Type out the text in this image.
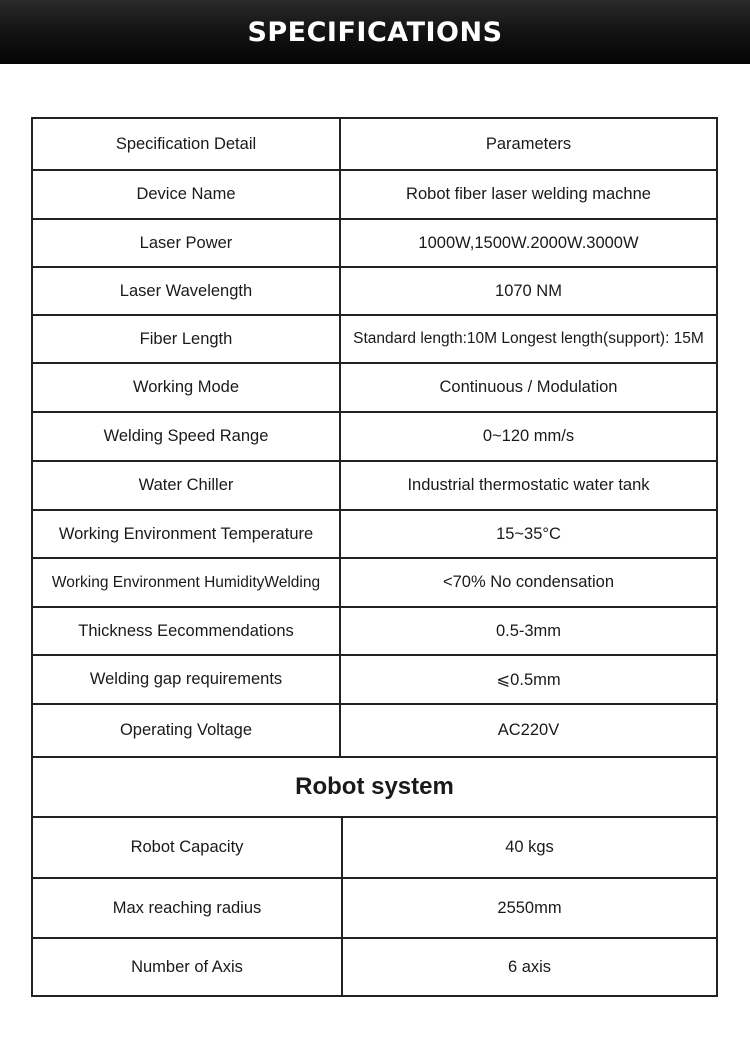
SPECIFICATIONS
Specification Detail	Parameters
Device Name	Robot fiber laser welding machne
Laser Power	1000W,1500W.2000W.3000W
Laser Wavelength	1070 NM
Fiber Length	Standard length:10M Longest length(support): 15M
Working Mode	Continuous / Modulation
Welding Speed Range	0~120 mm/s
Water Chiller	Industrial thermostatic water tank
Working Environment Temperature	15~35°C
Working Environment HumidityWelding	<70% No condensation
Thickness Eecommendations	0.5-3mm
Welding gap requirements	⩽0.5mm
Operating Voltage	AC220V
Robot system
Robot Capacity	40 kgs
Max reaching radius	2550mm
Number of Axis	6 axis
